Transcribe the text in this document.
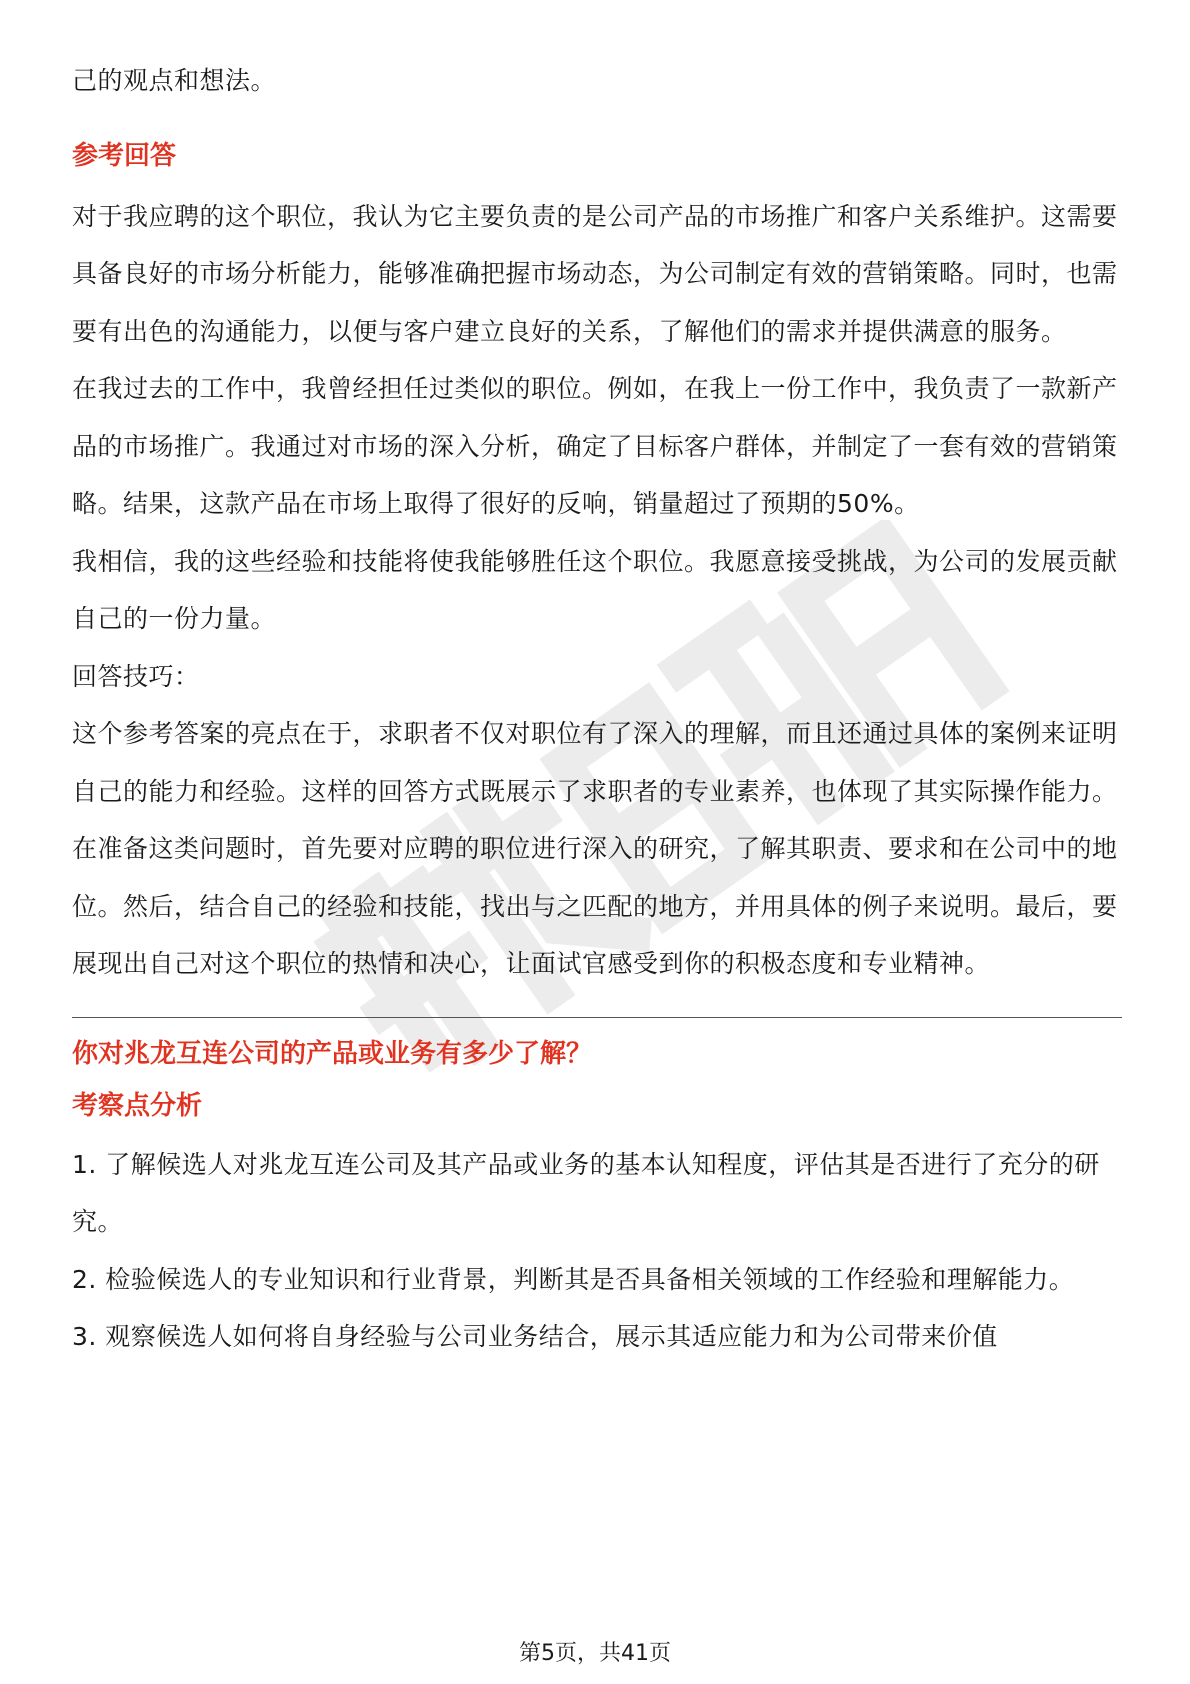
己的观点和想法。

参考回答

对于我应聘的这个职位，我认为它主要负责的是公司产品的市场推广和客户关系维护。这需要具备良好的市场分析能力，能够准确把握市场动态，为公司制定有效的营销策略。同时，也需要有出色的沟通能力，以便与客户建立良好的关系，了解他们的需求并提供满意的服务。

在我过去的工作中，我曾经担任过类似的职位。例如，在我上一份工作中，我负责了一款新产品的市场推广。我通过对市场的深入分析，确定了目标客户群体，并制定了一套有效的营销策略。结果，这款产品在市场上取得了很好的反响，销量超过了预期的50%。

我相信，我的这些经验和技能将使我能够胜任这个职位。我愿意接受挑战，为公司的发展贡献自己的一份力量。

回答技巧：

这个参考答案的亮点在于，求职者不仅对职位有了深入的理解，而且还通过具体的案例来证明自己的能力和经验。这样的回答方式既展示了求职者的专业素养，也体现了其实际操作能力。

在准备这类问题时，首先要对应聘的职位进行深入的研究，了解其职责、要求和在公司中的地位。然后，结合自己的经验和技能，找出与之匹配的地方，并用具体的例子来说明。最后，要展现出自己对这个职位的热情和决心，让面试官感受到你的积极态度和专业精神。

你对兆龙互连公司的产品或业务有多少了解？

考察点分析

1. 了解候选人对兆龙互连公司及其产品或业务的基本认知程度，评估其是否进行了充分的研究。

2. 检验候选人的专业知识和行业背景，判断其是否具备相关领域的工作经验和理解能力。

3. 观察候选人如何将自身经验与公司业务结合，展示其适应能力和为公司带来价值

第5页，共41页
